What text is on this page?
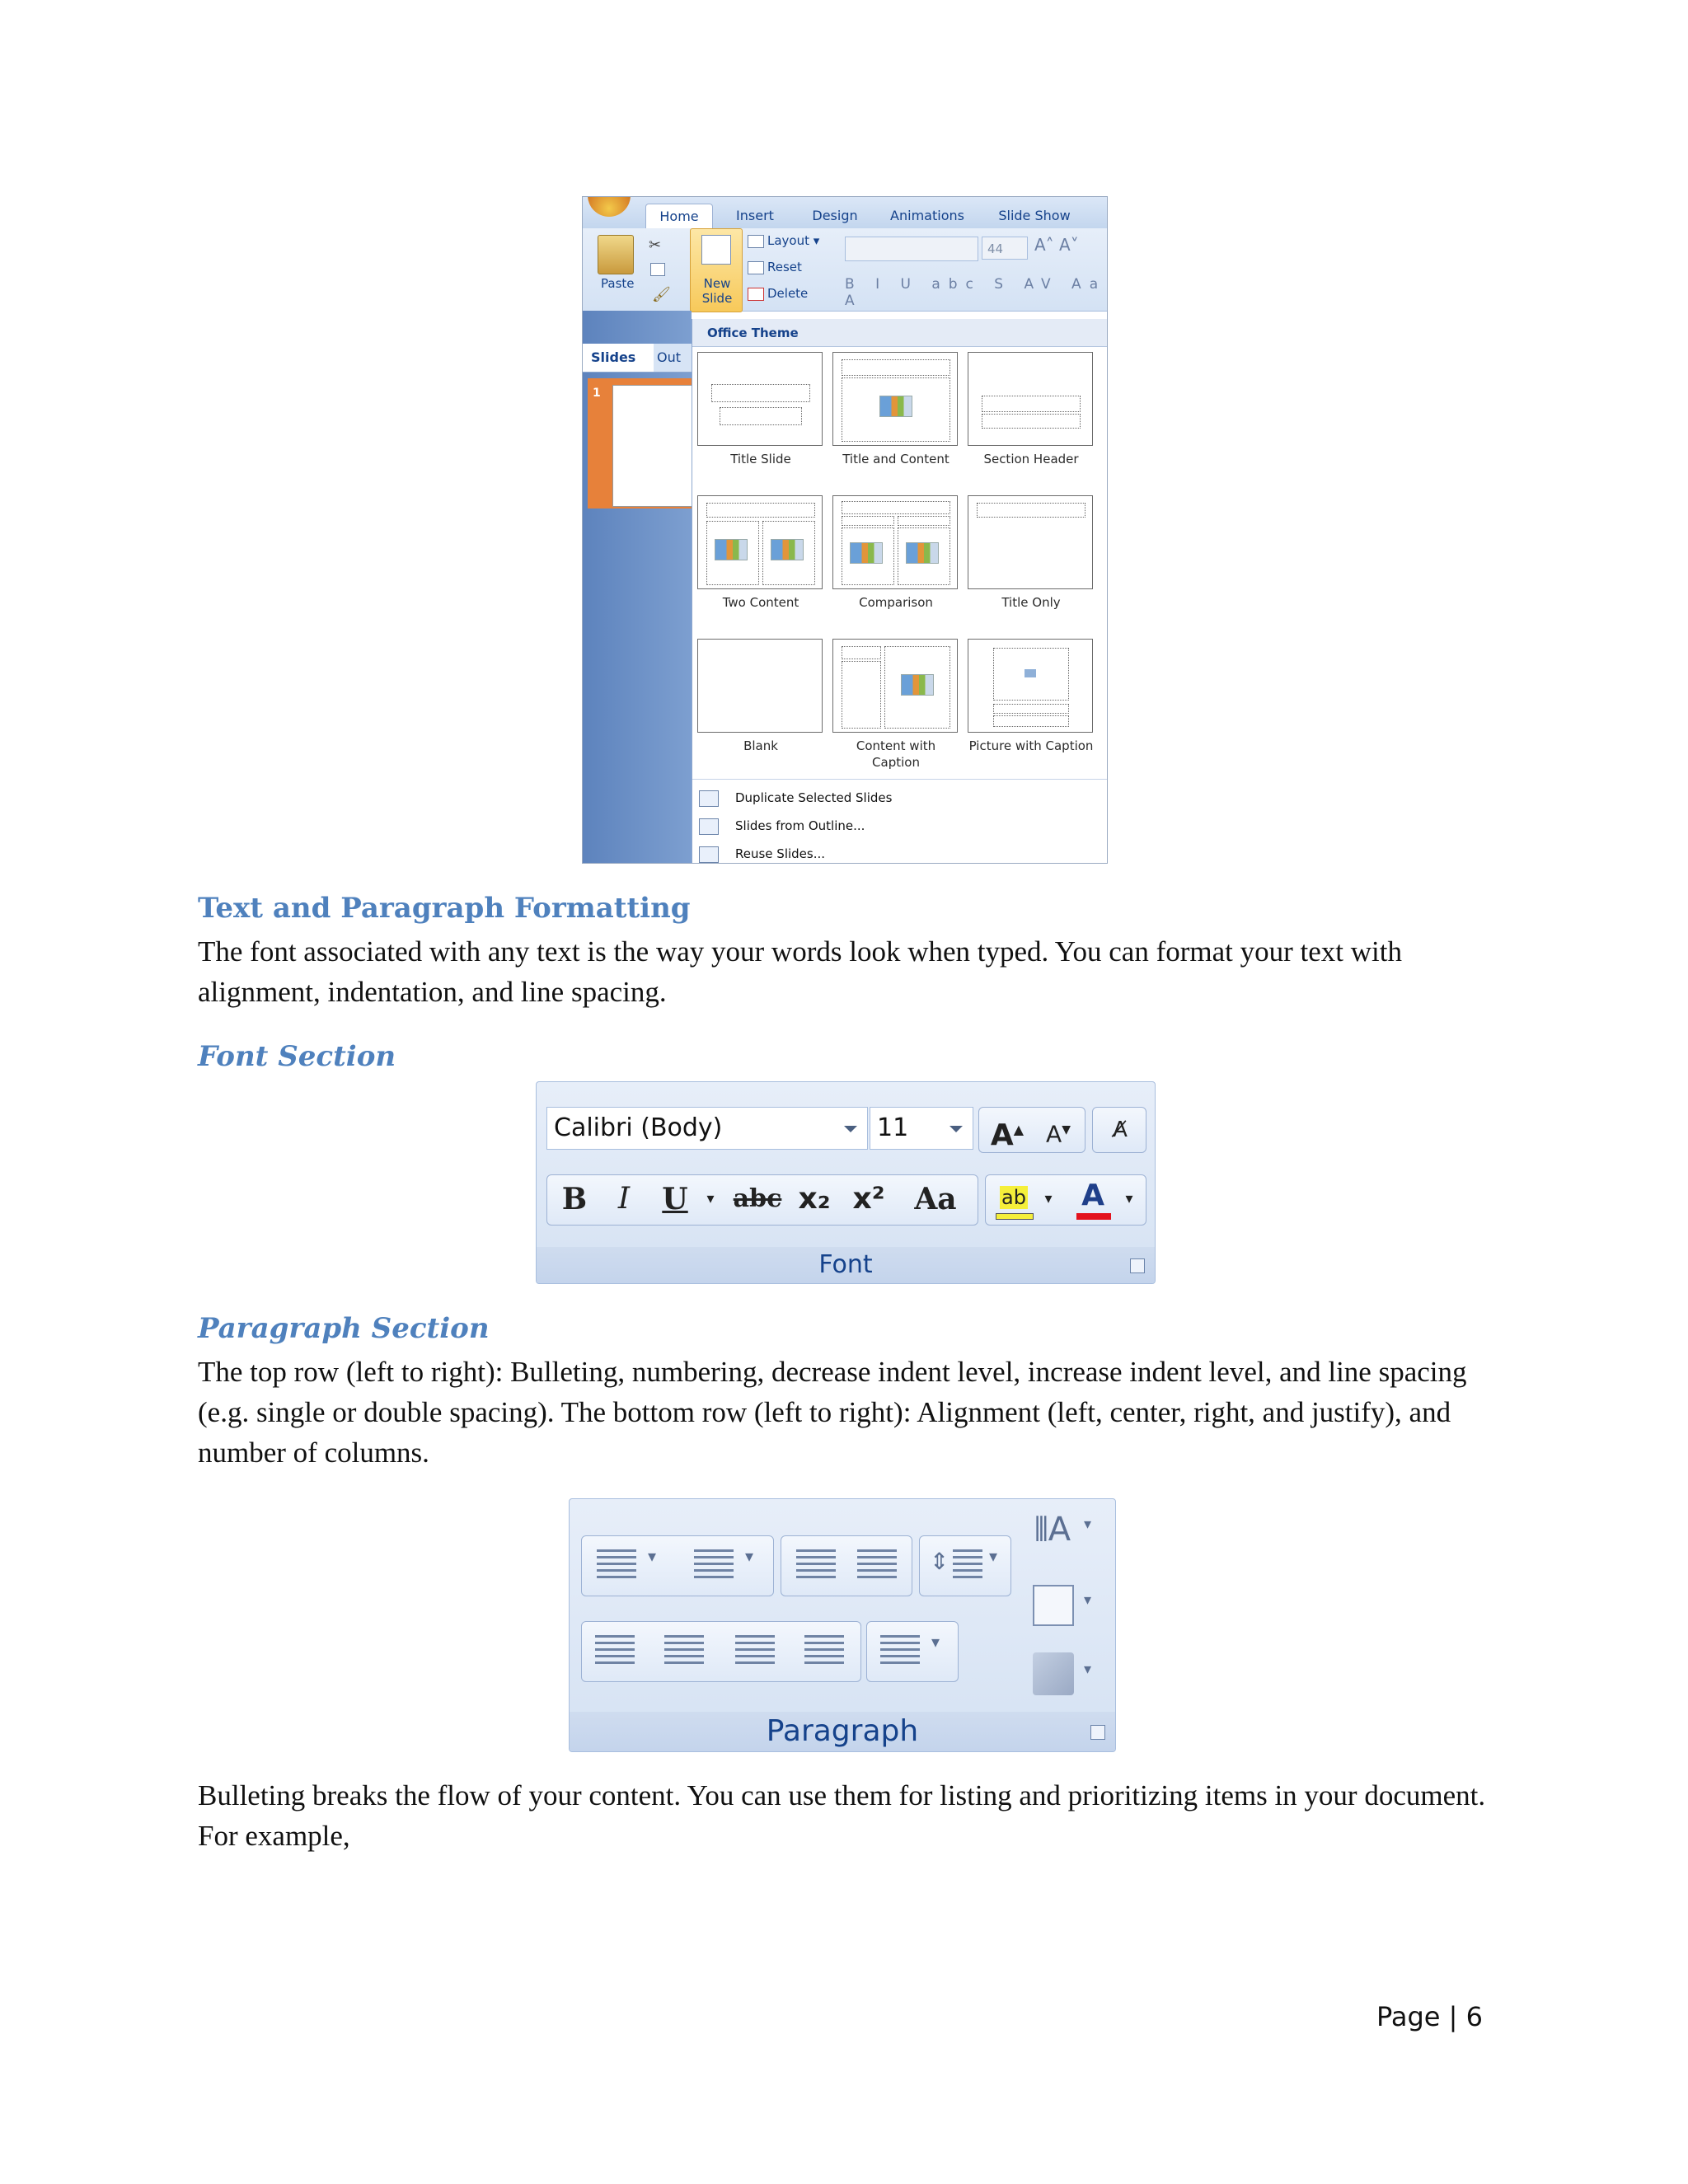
Home	Insert	Design	Animations	Slide Show
Paste
✂
🖌
New Slide
Layout ▾
Reset
Delete
44	A˄ A˅
B I U abc S AV Aa A
Slides	Out
1
Office Theme
Title Slide	Title and Content	Section Header
Two Content	Comparison	Title Only
Blank	Content with Caption
Picture with Caption
Duplicate Selected Slides
Slides from Outline...
Reuse Slides...
Text and Paragraph Formatting
The font associated with any text is the way your words look when typed. You can format your text with alignment, indentation, and line spacing.
Font Section
Calibri (Body)	11	A▲ A▼	A̸
B	I	U	▾ abc x₂ x² Aa	ab	▾ A	▾
Font
Paragraph Section
The top row (left to right): Bulleting, numbering, decrease indent level, increase indent level, and line spacing (e.g. single or double spacing). The bottom row (left to right): Alignment (left, center, right, and justify), and number of columns.
▾	▾	⇕ ▾
▾
⫴A ▾
▾
▾
Paragraph
Bulleting breaks the flow of your content. You can use them for listing and prioritizing items in your document. For example,
Page | 6
